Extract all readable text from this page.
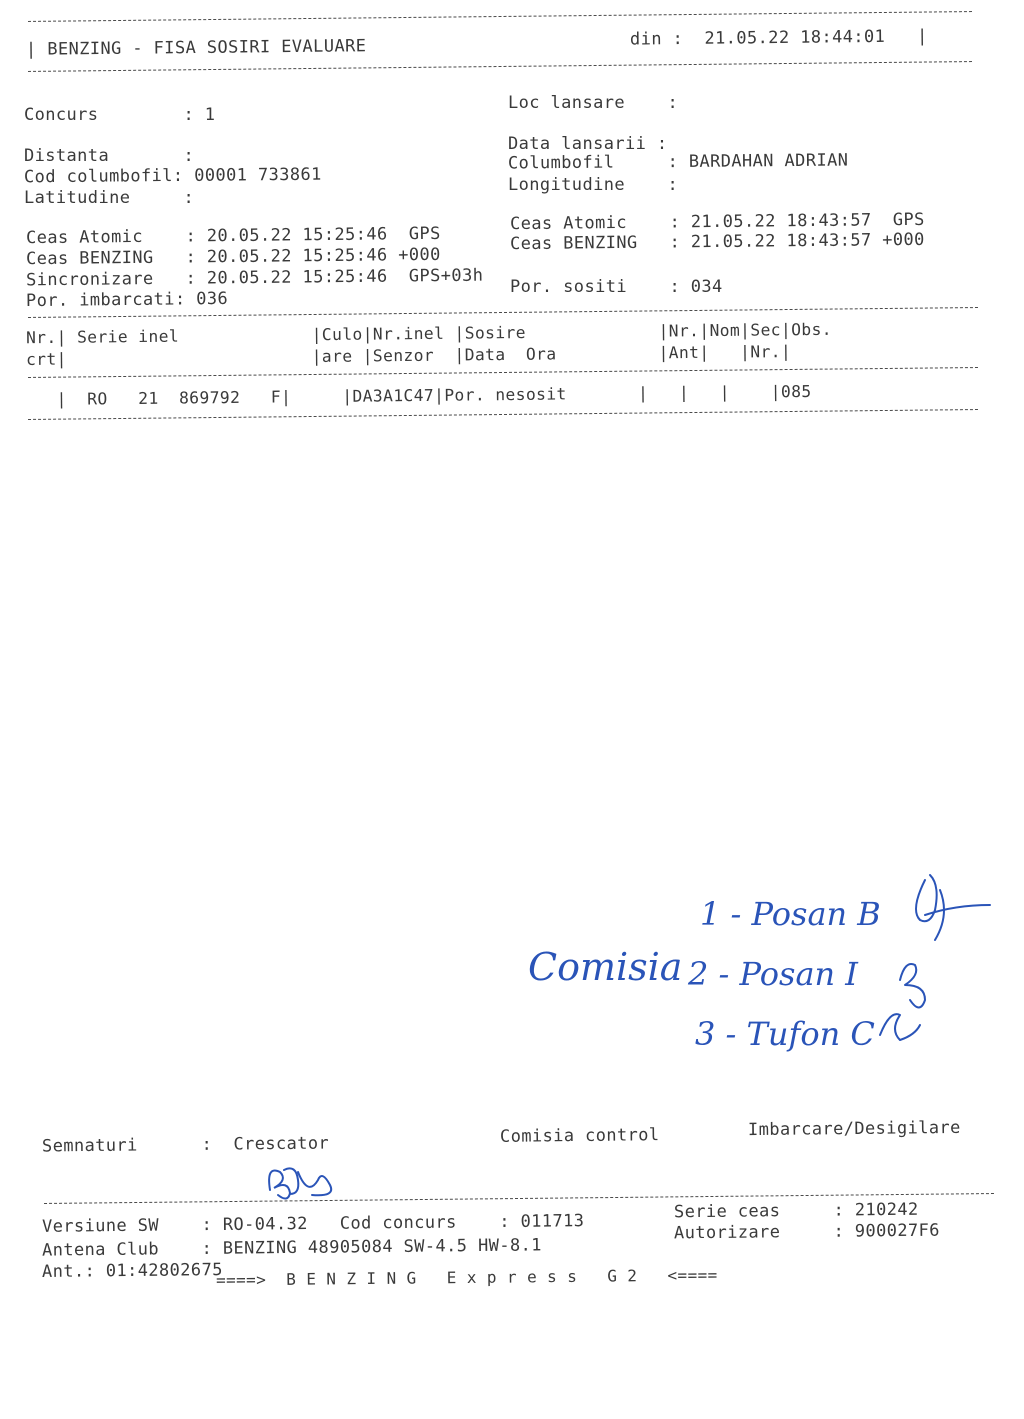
| BENZING - FISA SOSIRI EVALUARE	din :  21.05.22 18:44:01   |
Concurs        : 1
Distanta       :
Cod columbofil: 00001 733861
Latitudine     :
Ceas Atomic    : 20.05.22 15:25:46  GPS
Ceas BENZING   : 20.05.22 15:25:46 +000
Sincronizare   : 20.05.22 15:25:46  GPS+03h
Por. imbarcati: 036
Loc lansare    :
Data lansarii :
Columbofil     : BARDAHAN ADRIAN
Longitudine    :
Ceas Atomic    : 21.05.22 18:43:57  GPS
Ceas BENZING   : 21.05.22 18:43:57 +000
Por. sositi    : 034
Nr.| Serie inel             |Culo|Nr.inel |Sosire             |Nr.|Nom|Sec|Obs.
crt|                        |are |Senzor  |Data  Ora          |Ant|   |Nr.|
|  RO   21  869792   F|     |DA3A1C47|Por. nesosit       |   |   |    |085
Comisia
1 - Posan B
2 - Posan I
3 - Tufon C
Semnaturi      :  Crescator	Comisia control	Imbarcare/Desigilare
Versiune SW    : RO-04.32   Cod concurs    : 011713
Antena Club    : BENZING 48905084 SW-4.5 HW-8.1
Ant.: 01:42802675
Serie ceas     : 210242
Autorizare     : 900027F6
====>  B E N Z I N G   E x p r e s s   G 2   <====
